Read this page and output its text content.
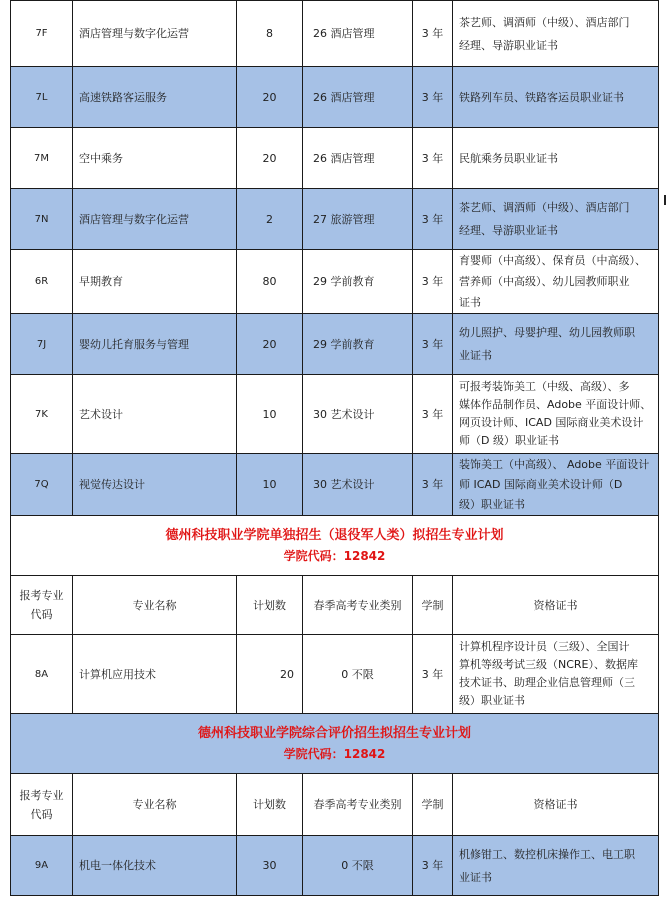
7F	酒店管理与数字化运营	8	26 酒店管理	3 年	茶艺师、调酒师（中级）、酒店部门
经理、导游职业证书
7L	高速铁路客运服务	20	26 酒店管理	3 年	铁路列车员、铁路客运员职业证书
7M	空中乘务	20	26 酒店管理	3 年	民航乘务员职业证书
7N	酒店管理与数字化运营	2	27 旅游管理	3 年	茶艺师、调酒师（中级）、酒店部门
经理、导游职业证书
6R	早期教育	80	29 学前教育	3 年	育婴师（中高级）、保育员（中高级）、
营养师（中高级）、幼儿园教师职业
证书
7J	婴幼儿托育服务与管理	20	29 学前教育	3 年	幼儿照护、母婴护理、幼儿园教师职
业证书
7K	艺术设计	10	30 艺术设计	3 年	可报考装饰美工（中级、高级）、多
媒体作品制作员、Adobe 平面设计师、
网页设计师、ICAD 国际商业美术设计
师（D 级）职业证书
7Q	视觉传达设计	10	30 艺术设计	3 年	装饰美工（中高级）、 Adobe 平面设计
师 ICAD 国际商业美术设计师（D
级）职业证书

德州科技职业学院单独招生（退役军人类）拟招生专业计划
学院代码：12842					

报考专业
代码	专业名称	计划数	春季高考专业类别	学制	资格证书
8A	计算机应用技术	20	0 不限	3 年	计算机程序设计员（三级）、全国计
算机等级考试三级（NCRE）、数据库
技术证书、助理企业信息管理师（三
级）职业证书

德州科技职业学院综合评价招生拟招生专业计划
学院代码：12842					

报考专业
代码	专业名称	计划数	春季高考专业类别	学制	资格证书
9A	机电一体化技术	30	0 不限	3 年	机修钳工、数控机床操作工、电工职
业证书
